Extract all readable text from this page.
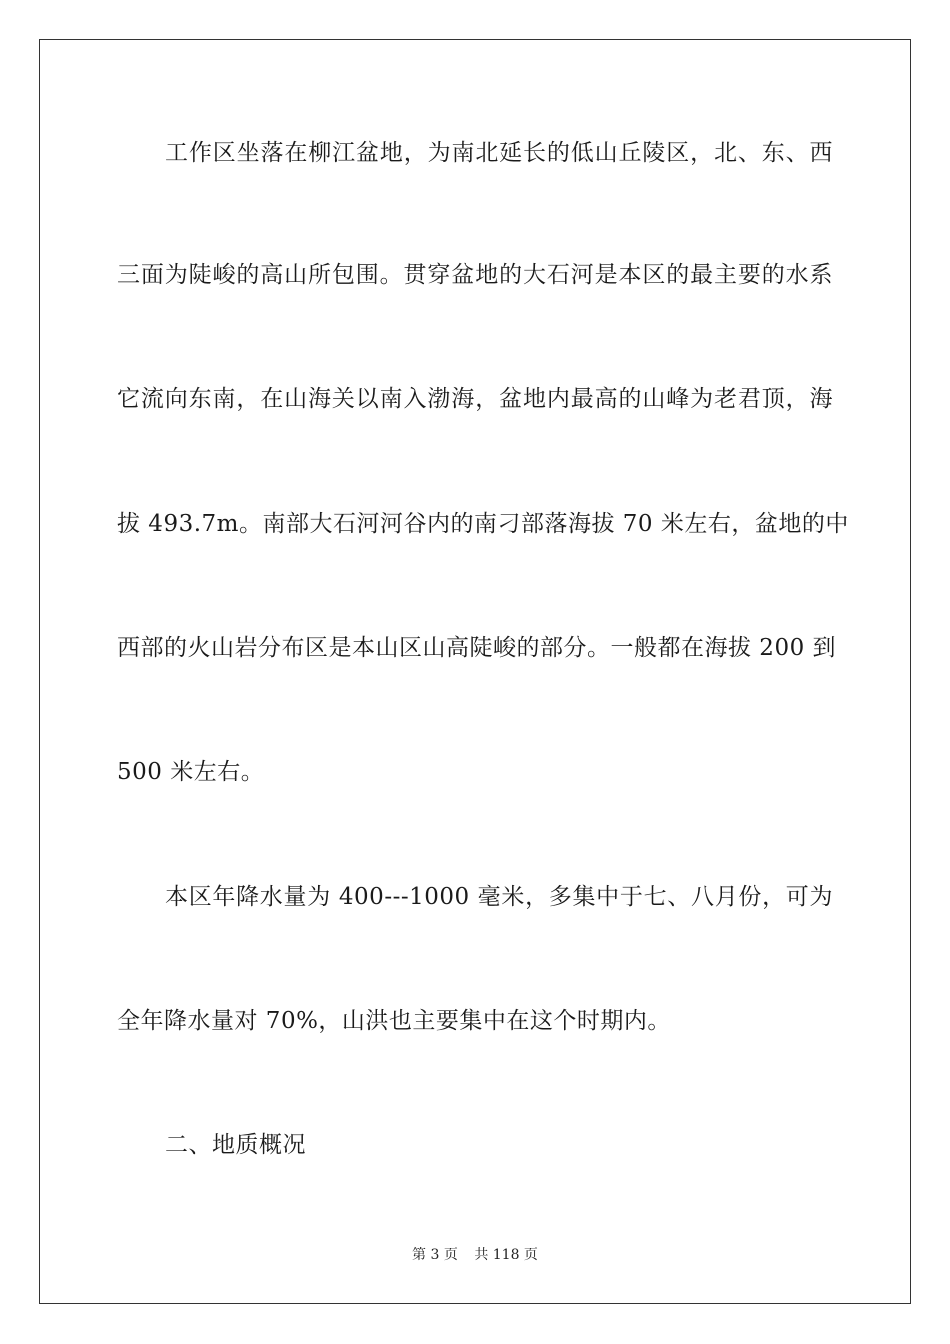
工作区坐落在柳江盆地，为南北延长的低山丘陵区，北、东、西
三面为陡峻的高山所包围。贯穿盆地的大石河是本区的最主要的水系
它流向东南，在山海关以南入渤海，盆地内最高的山峰为老君顶，海
拔 493.7m。南部大石河河谷内的南刁部落海拔 70 米左右，盆地的中
西部的火山岩分布区是本山区山高陡峻的部分。一般都在海拔 200 到
500 米左右。
本区年降水量为 400---1000 毫米，多集中于七、八月份，可为
全年降水量对 70%，山洪也主要集中在这个时期内。
二、地质概况
第 3 页 共 118 页
